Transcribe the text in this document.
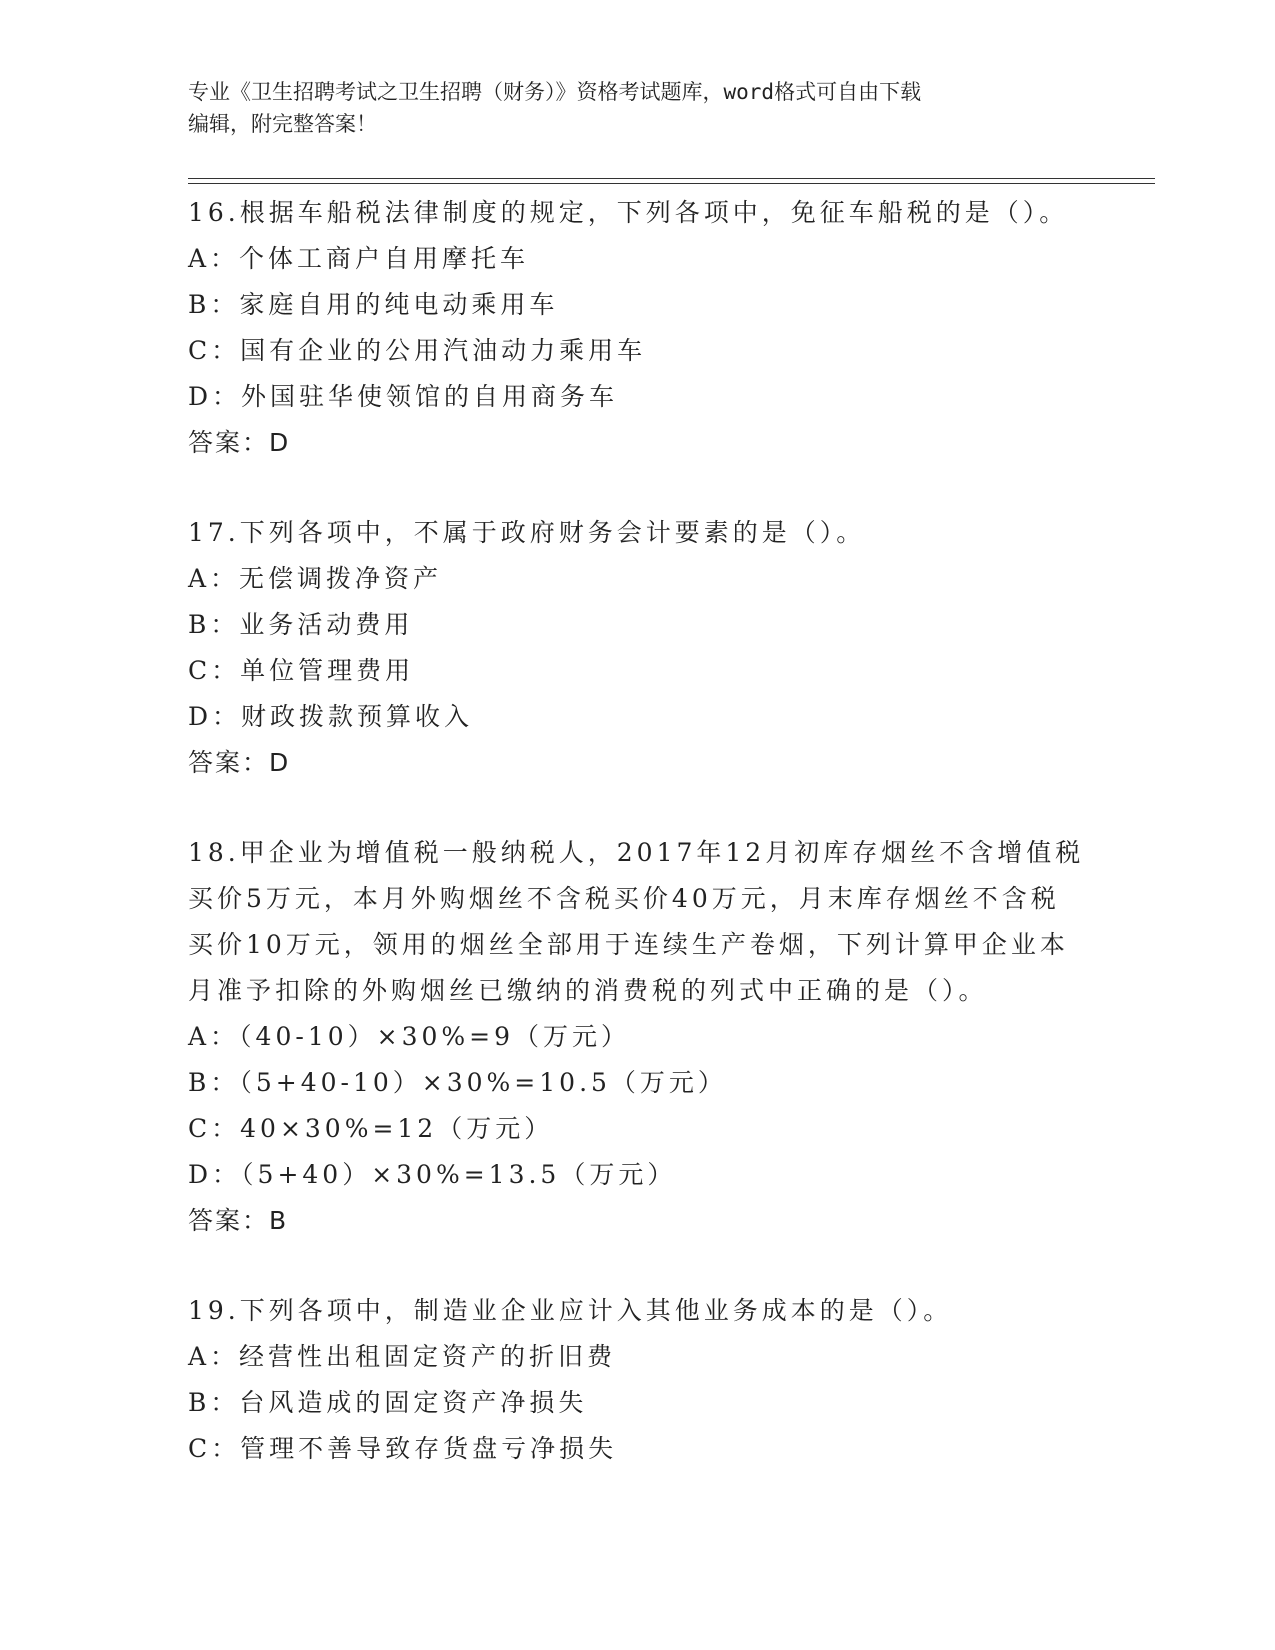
专业《卫生招聘考试之卫生招聘（财务）》资格考试题库，word格式可自由下载
编辑，附完整答案！
16.根据车船税法律制度的规定，下列各项中，免征车船税的是（）。
A：个体工商户自用摩托车
B：家庭自用的纯电动乘用车
C：国有企业的公用汽油动力乘用车
D：外国驻华使领馆的自用商务车
答案：D
17.下列各项中，不属于政府财务会计要素的是（）。
A：无偿调拨净资产
B：业务活动费用
C：单位管理费用
D：财政拨款预算收入
答案：D
18.甲企业为增值税一般纳税人，2017年12月初库存烟丝不含增值税
买价5万元，本月外购烟丝不含税买价40万元，月末库存烟丝不含税
买价10万元，领用的烟丝全部用于连续生产卷烟，下列计算甲企业本
月准予扣除的外购烟丝已缴纳的消费税的列式中正确的是（）。
A：（40-10）×30%=9（万元）
B：（5+40-10）×30%=10.5（万元）
C：40×30%=12（万元）
D：（5+40）×30%=13.5（万元）
答案：B
19.下列各项中，制造业企业应计入其他业务成本的是（）。
A：经营性出租固定资产的折旧费
B：台风造成的固定资产净损失
C：管理不善导致存货盘亏净损失
